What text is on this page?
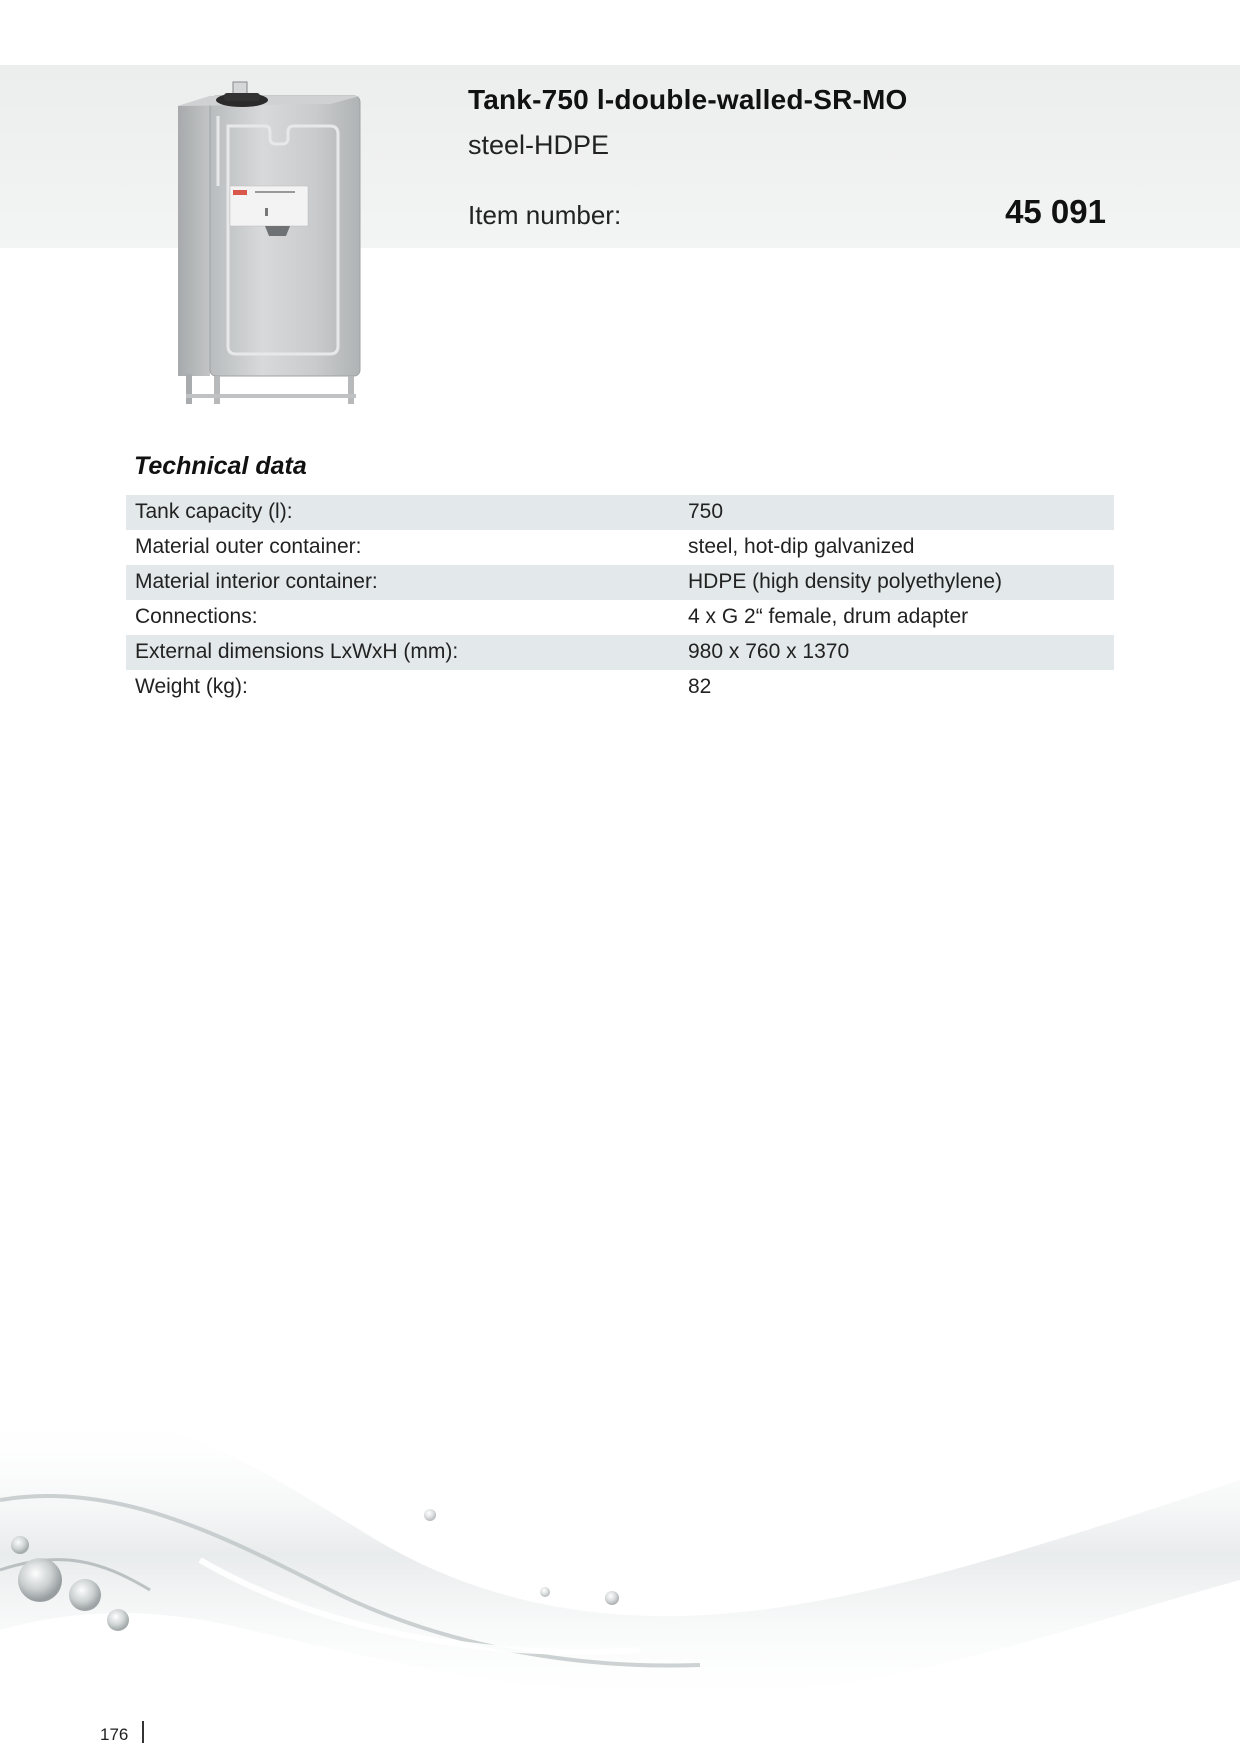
Tank-750 l-double-walled-SR-MO
steel-HDPE
Item number:	45 091
Technical data
Tank capacity (l):	750
Material outer container:	steel, hot-dip galvanized
Material interior container:	HDPE (high density polyethylene)
Connections:	4 x G 2“ female, drum adapter
External dimensions LxWxH (mm):	980 x 760 x 1370
Weight (kg):	82
176
